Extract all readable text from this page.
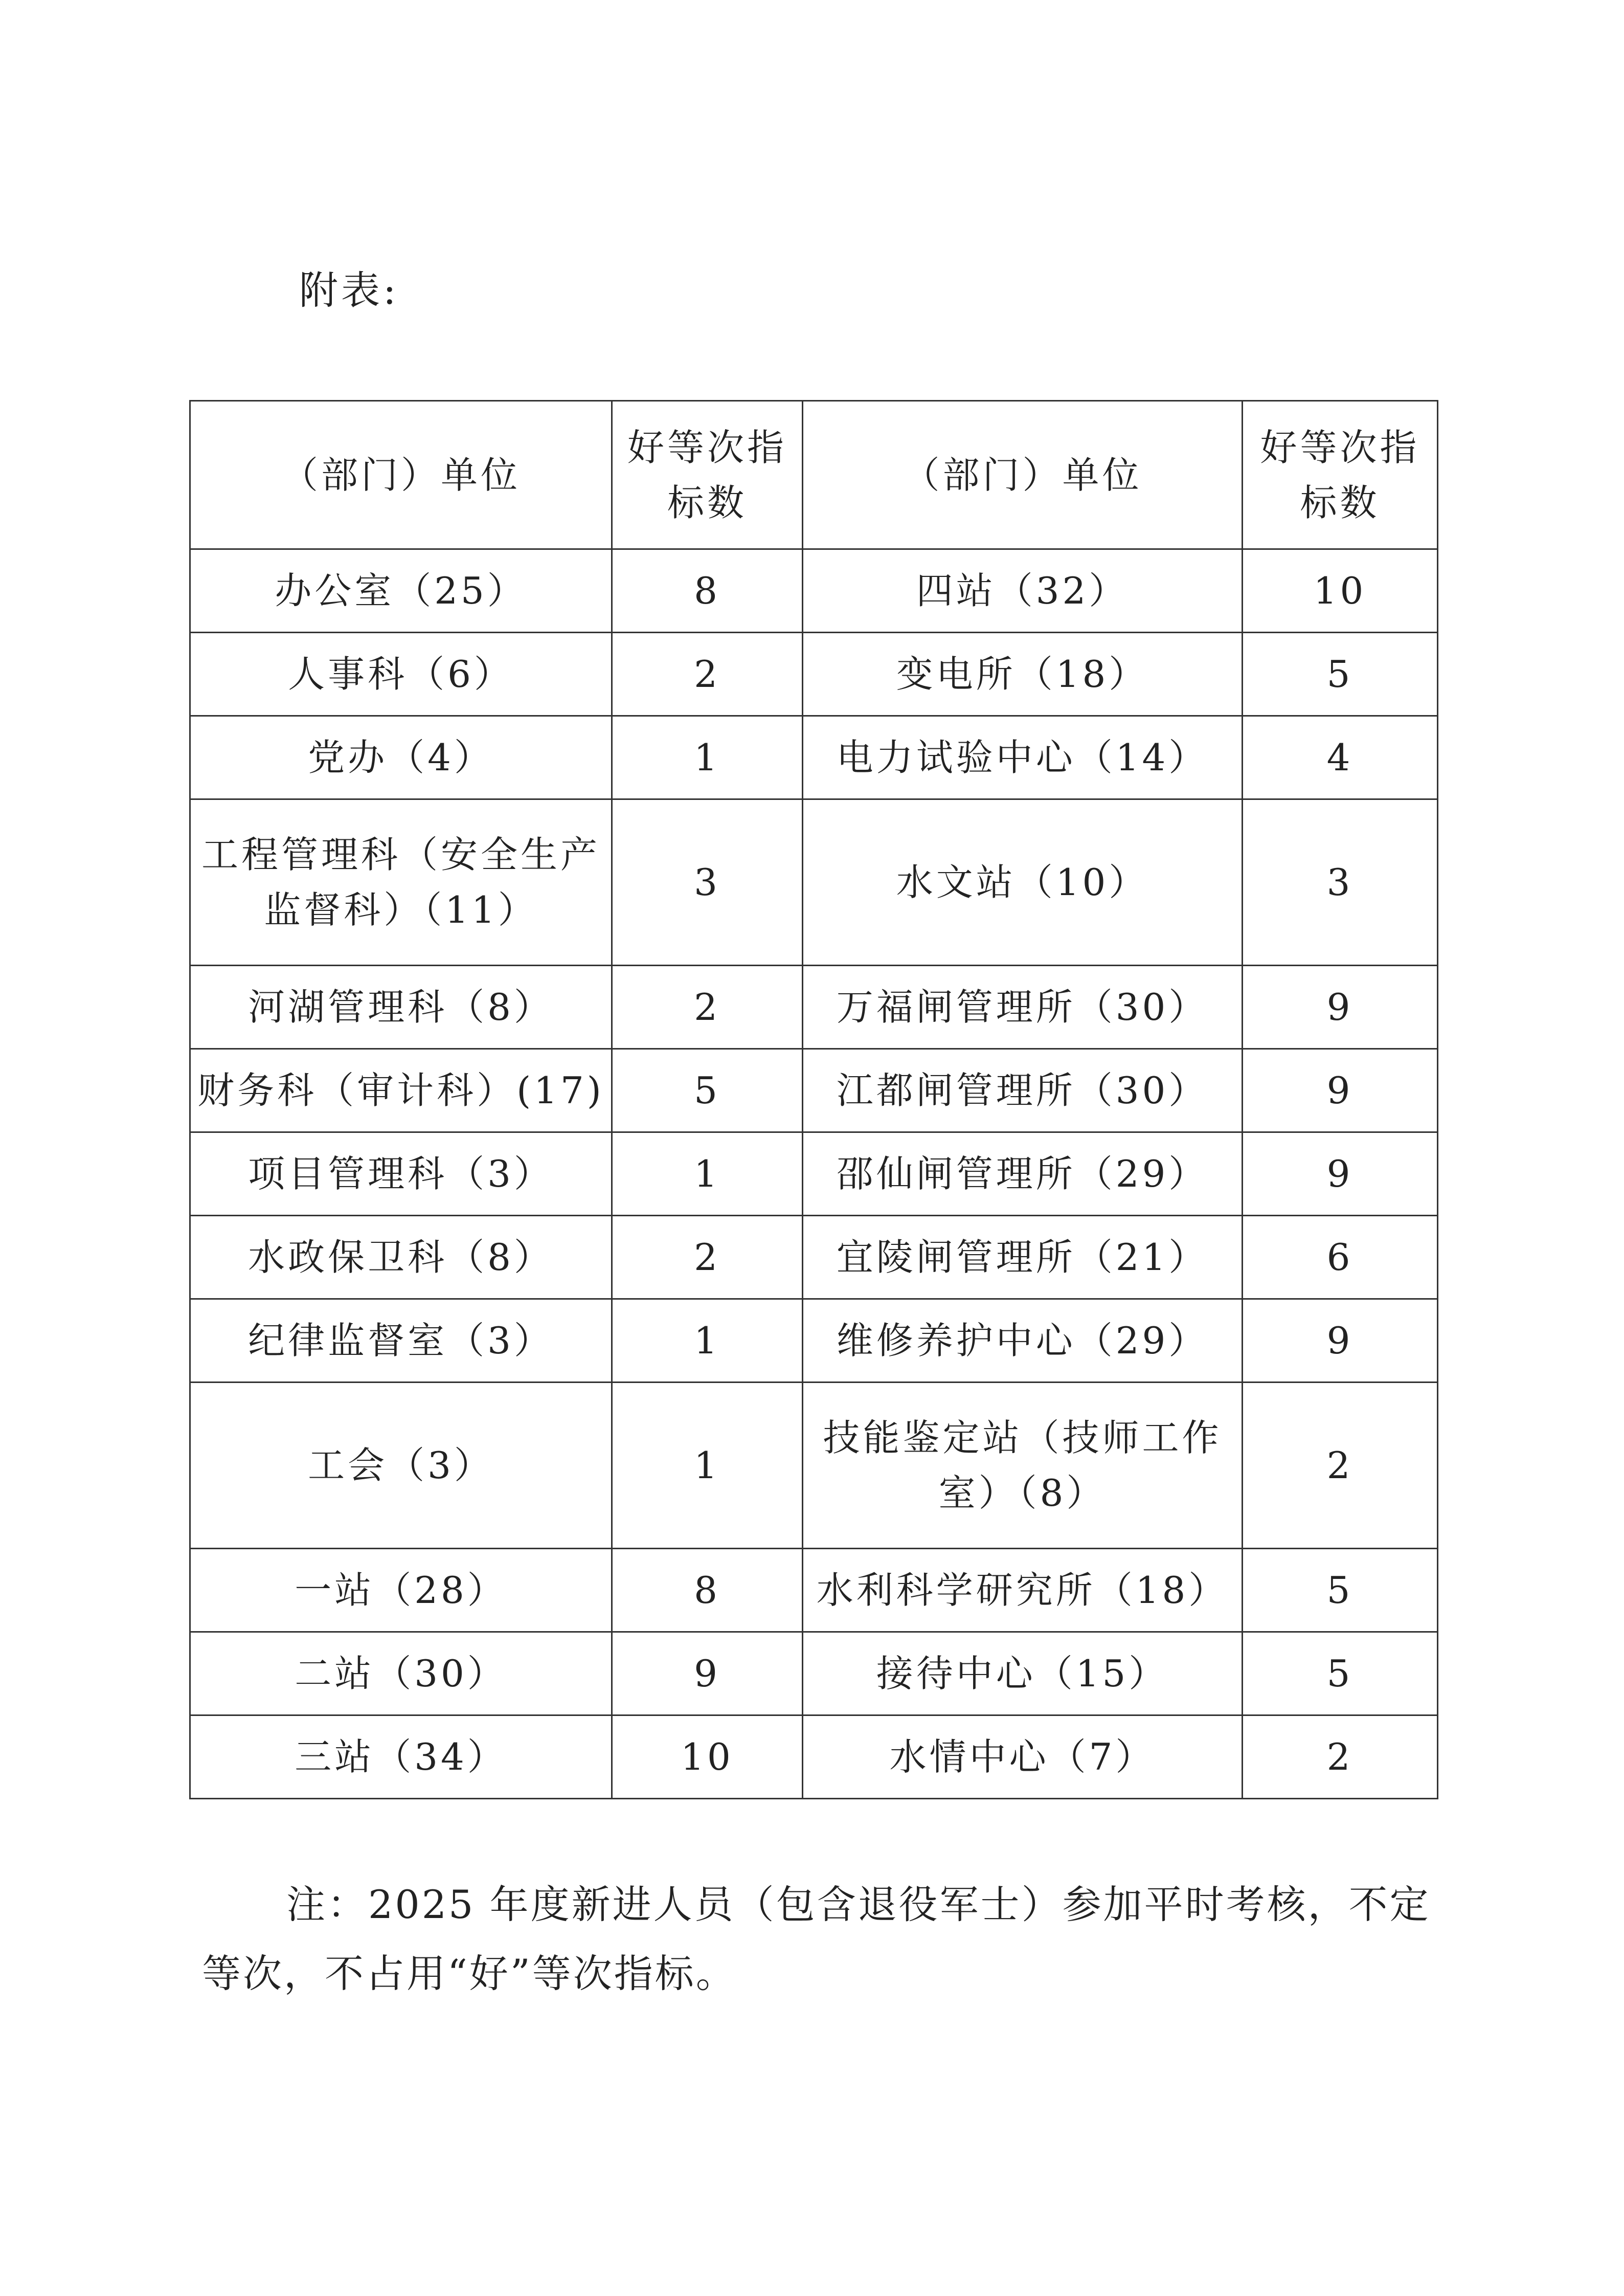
附表:
（部门）单位	好等次指标数	（部门）单位	好等次指标数
办公室（25）	8	四站（32）	10
人事科（6）	2	变电所（18）	5
党办（4）	1	电力试验中心（14）	4
工程管理科（安全生产监督科）（11）	3	水文站（10）	3
河湖管理科（8）	2	万福闸管理所（30）	9
财务科（审计科）(17)	5	江都闸管理所（30）	9
项目管理科（3）	1	邵仙闸管理所（29）	9
水政保卫科（8）	2	宜陵闸管理所（21）	6
纪律监督室（3）	1	维修养护中心（29）	9
工会（3）	1	技能鉴定站（技师工作室）（8）	2
一站（28）	8	水利科学研究所（18）	5
二站（30）	9	接待中心（15）	5
三站（34）	10	水情中心（7）	2

注：2025 年度新进人员（包含退役军士）参加平时考核，不定等次，不占用“好”等次指标。
